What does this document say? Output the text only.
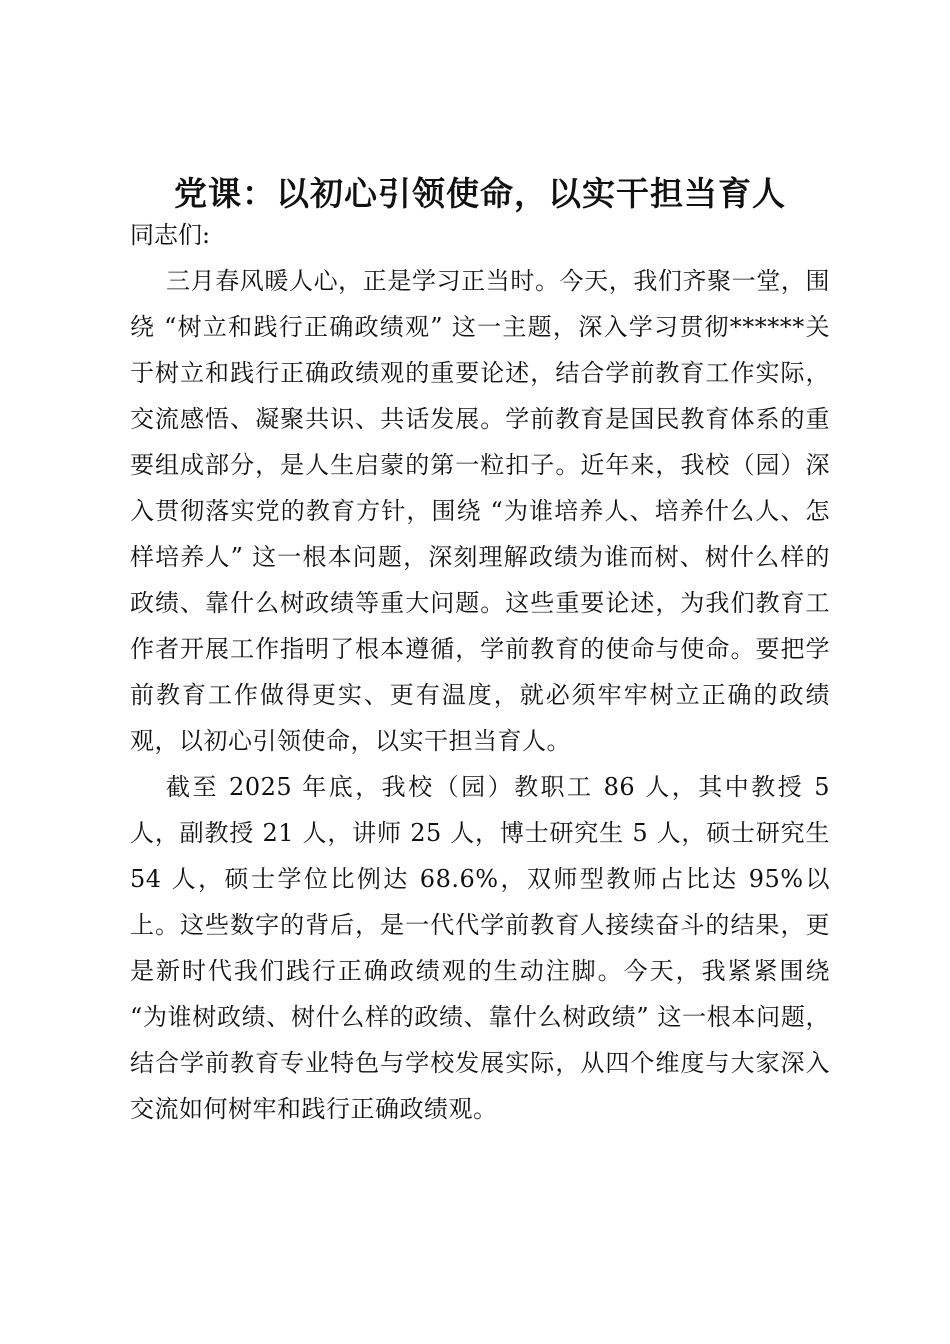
党课：以初心引领使命，以实干担当育人

同志们:

三月春风暖人心，正是学习正当时。今天，我们齐聚一堂，围绕 “树立和践行正确政绩观” 这一主题，深入学习贯彻******关于树立和践行正确政绩观的重要论述，结合学前教育工作实际，交流感悟、凝聚共识、共话发展。学前教育是国民教育体系的重要组成部分，是人生启蒙的第一粒扣子。近年来，我校（园）深入贯彻落实党的教育方针，围绕 “为谁培养人、培养什么人、怎样培养人” 这一根本问题，深刻理解政绩为谁而树、树什么样的政绩、靠什么树政绩等重大问题。这些重要论述，为我们教育工作者开展工作指明了根本遵循，学前教育的使命与使命。要把学前教育工作做得更实、更有温度，就必须牢牢树立正确的政绩观，以初心引领使命，以实干担当育人。

截至 2025 年底，我校（园）教职工 86 人，其中教授 5 人，副教授 21 人，讲师 25 人，博士研究生 5 人，硕士研究生 54 人，硕士学位比例达 68.6%，双师型教师占比达 95%以上。这些数字的背后，是一代代学前教育人接续奋斗的结果，更是新时代我们践行正确政绩观的生动注脚。今天，我紧紧围绕 “为谁树政绩、树什么样的政绩、靠什么树政绩” 这一根本问题，结合学前教育专业特色与学校发展实际，从四个维度与大家深入交流如何树牢和践行正确政绩观。
